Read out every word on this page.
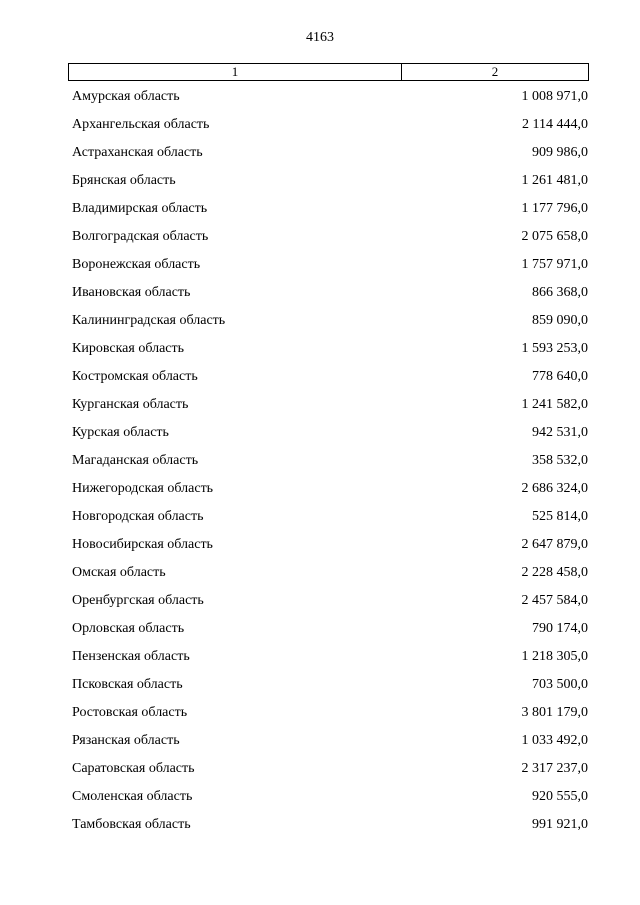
4163
1	2
Амурская область	1 008 971,0
Архангельская область	2 114 444,0
Астраханская область	909 986,0
Брянская область	1 261 481,0
Владимирская область	1 177 796,0
Волгоградская область	2 075 658,0
Воронежская область	1 757 971,0
Ивановская область	866 368,0
Калининградская область	859 090,0
Кировская область	1 593 253,0
Костромская область	778 640,0
Курганская область	1 241 582,0
Курская область	942 531,0
Магаданская область	358 532,0
Нижегородская область	2 686 324,0
Новгородская область	525 814,0
Новосибирская область	2 647 879,0
Омская область	2 228 458,0
Оренбургская область	2 457 584,0
Орловская область	790 174,0
Пензенская область	1 218 305,0
Псковская область	703 500,0
Ростовская область	3 801 179,0
Рязанская область	1 033 492,0
Саратовская область	2 317 237,0
Смоленская область	920 555,0
Тамбовская область	991 921,0
